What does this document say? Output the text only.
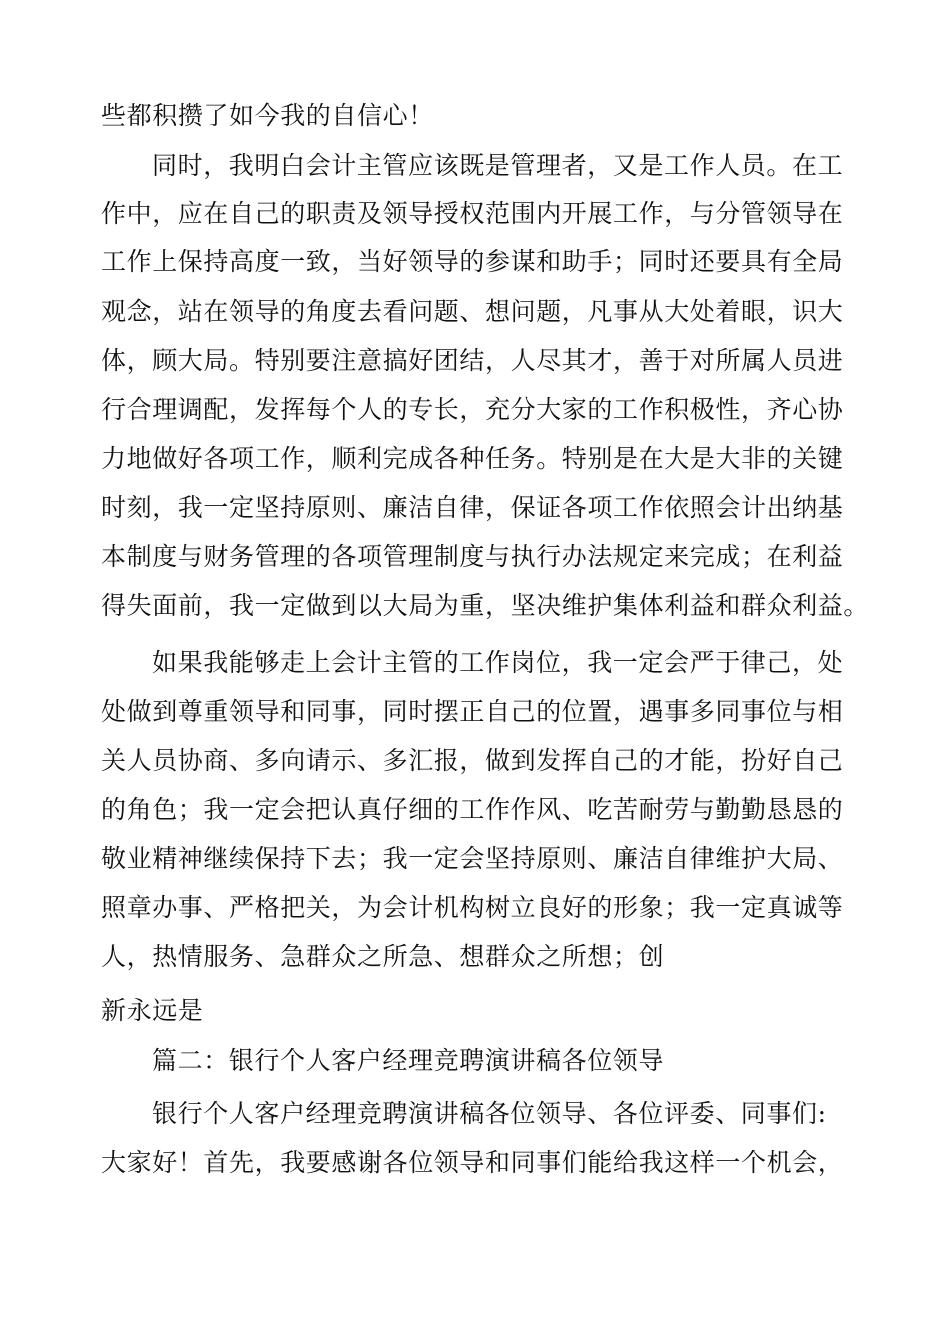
些都积攒了如今我的自信心！
同时，我明白会计主管应该既是管理者，又是工作人员。在工
作中，应在自己的职责及领导授权范围内开展工作，与分管领导在
工作上保持高度一致，当好领导的参谋和助手；同时还要具有全局
观念，站在领导的角度去看问题、想问题，凡事从大处着眼，识大
体，顾大局。特别要注意搞好团结，人尽其才，善于对所属人员进
行合理调配，发挥每个人的专长，充分大家的工作积极性，齐心协
力地做好各项工作，顺利完成各种任务。特别是在大是大非的关键
时刻，我一定坚持原则、廉洁自律，保证各项工作依照会计出纳基
本制度与财务管理的各项管理制度与执行办法规定来完成；在利益
得失面前，我一定做到以大局为重，坚决维护集体利益和群众利益。
如果我能够走上会计主管的工作岗位，我一定会严于律己，处
处做到尊重领导和同事，同时摆正自己的位置，遇事多同事位与相
关人员协商、多向请示、多汇报，做到发挥自己的才能，扮好自己
的角色；我一定会把认真仔细的工作作风、吃苦耐劳与勤勤恳恳的
敬业精神继续保持下去；我一定会坚持原则、廉洁自律维护大局、
照章办事、严格把关，为会计机构树立良好的形象；我一定真诚等
人，热情服务、急群众之所急、想群众之所想；创
新永远是
篇二：银行个人客户经理竞聘演讲稿各位领导
银行个人客户经理竞聘演讲稿各位领导、各位评委、同事们:
大家好！首先，我要感谢各位领导和同事们能给我这样一个机会，
